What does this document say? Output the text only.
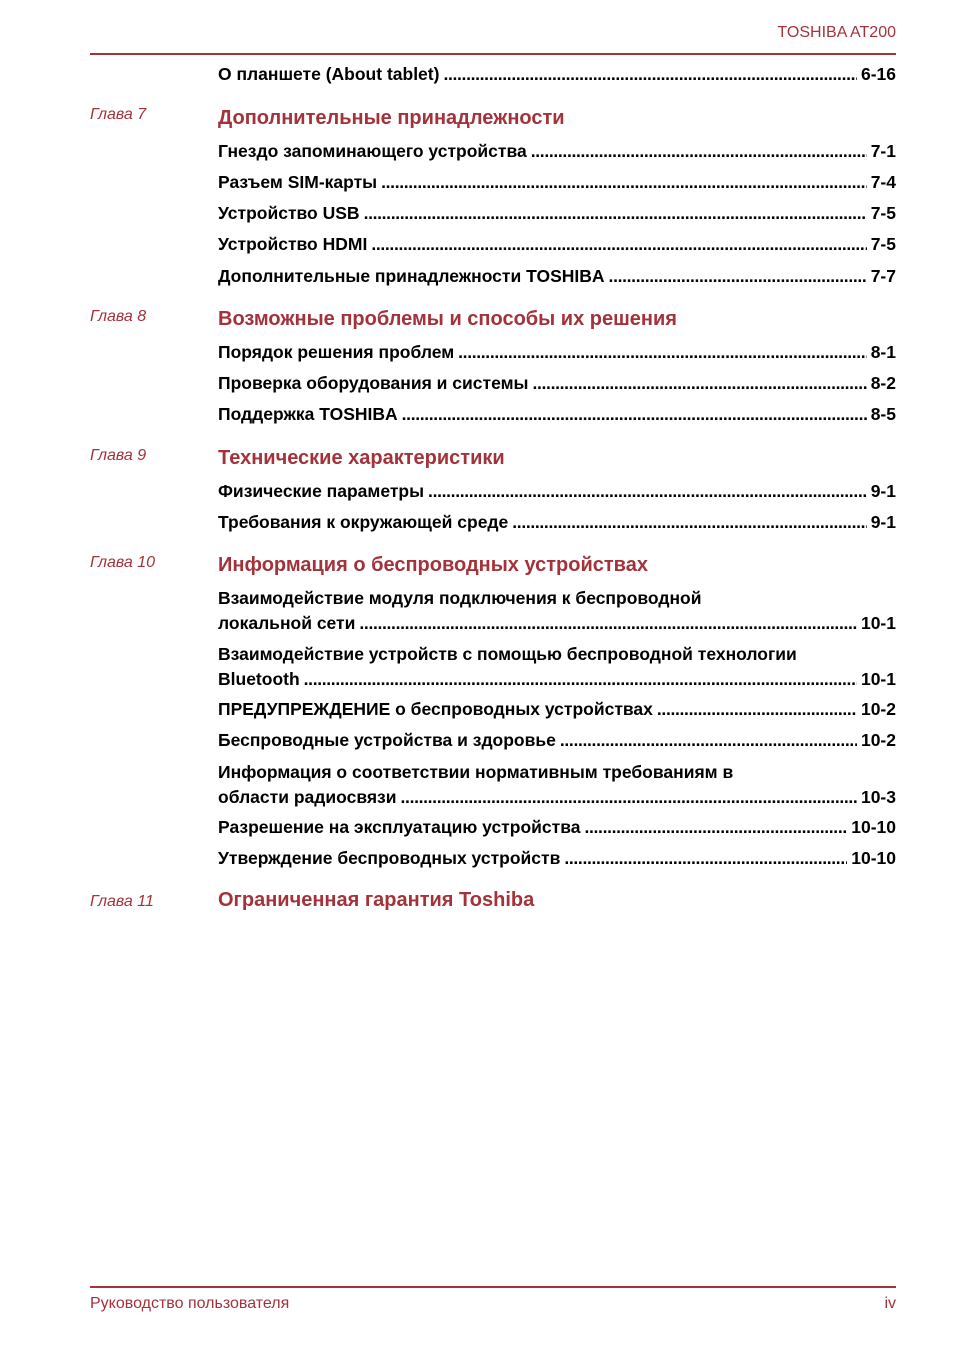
TOSHIBA AT200
О планшете (About tablet) . . .	6-16
Глава 7	Дополнительные принадлежности
Гнездо запоминающего устройства . . .	7-1
Разъем SIM-карты . . .	7-4
Устройство USB . . .	7-5
Устройство HDMI . . .	7-5
Дополнительные принадлежности TOSHIBA . . .	7-7
Глава 8	Возможные проблемы и способы их решения
Порядок решения проблем . . .	8-1
Проверка оборудования и системы . . .	8-2
Поддержка TOSHIBA . . .	8-5
Глава 9	Технические характеристики
Физические параметры . . .	9-1
Требования к окружающей среде . . .	9-1
Глава 10	Информация о беспроводных устройствах
Взаимодействие модуля подключения к беспроводной
локальной сети . . .	10-1
Взаимодействие устройств с помощью беспроводной технологии
Bluetooth . . .	10-1
ПРЕДУПРЕЖДЕНИЕ о беспроводных устройствах . . .	10-2
Беспроводные устройства и здоровье . . .	10-2
Информация о соответствии нормативным требованиям в
области радиосвязи . . .	10-3
Разрешение на эксплуатацию устройства . . .	10-10
Утверждение беспроводных устройств . . .	10-10
Глава 11	Ограниченная гарантия Toshiba
Руководство пользователя	iv
